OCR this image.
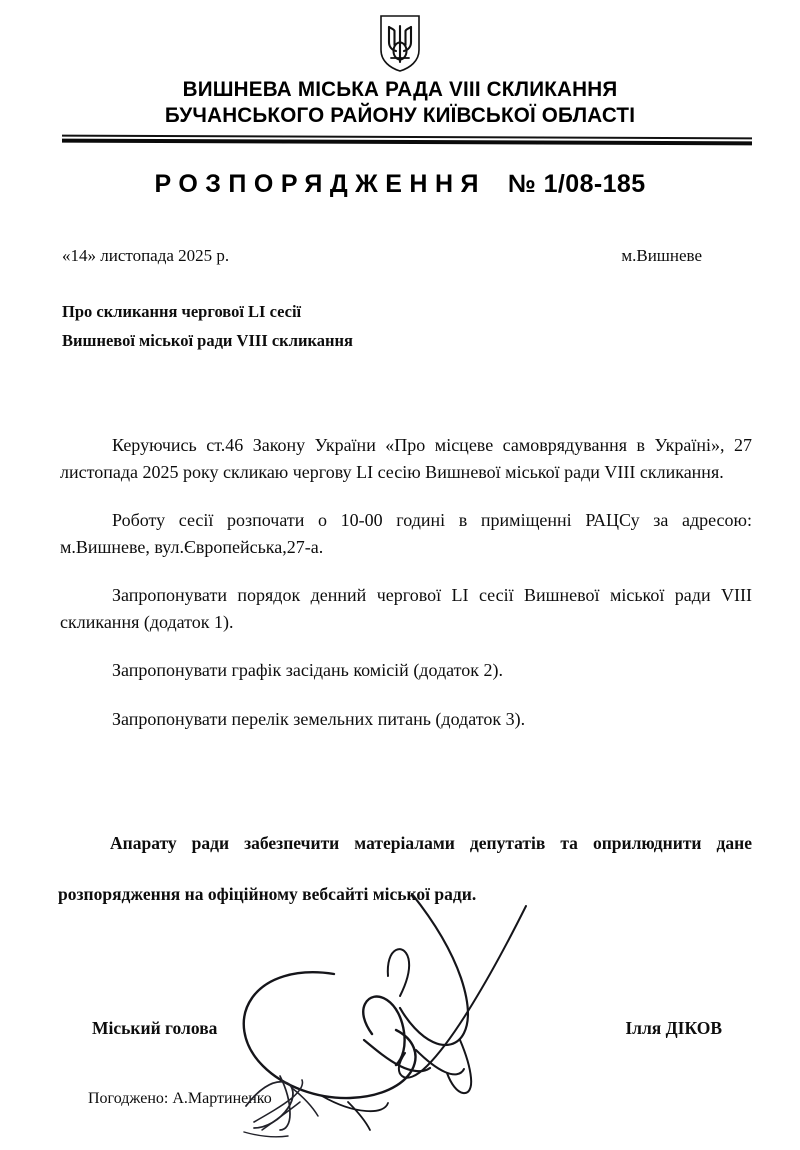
ВИШНЕВА МІСЬКА РАДА VIII СКЛИКАННЯ
БУЧАНСЬКОГО РАЙОНУ КИЇВСЬКОЇ ОБЛАСТІ
РОЗПОРЯДЖЕННЯ № 1/08-185
«14» листопада 2025 р.	м.Вишневе
Про скликання чергової LI сесії
Вишневої міської ради VIII скликання

Керуючись ст.46 Закону України «Про місцеве самоврядування в Україні», 27 листопада 2025 року скликаю чергову LI сесію Вишневої міської ради VIII скликання.

Роботу сесії розпочати о 10-00 годині в приміщенні РАЦСу за адресою: м.Вишневе, вул.Європейська,27-а.

Запропонувати порядок денний чергової LI сесії Вишневої міської ради VIII скликання (додаток 1).

Запропонувати графік засідань комісій (додаток 2).

Запропонувати перелік земельних питань (додаток 3).

Апарату ради забезпечити матеріалами депутатів та оприлюднити дане розпорядження на офіційному вебсайті міської ради.
Міський голова	Ілля ДІКОВ
Погоджено: А.Мартиненко
